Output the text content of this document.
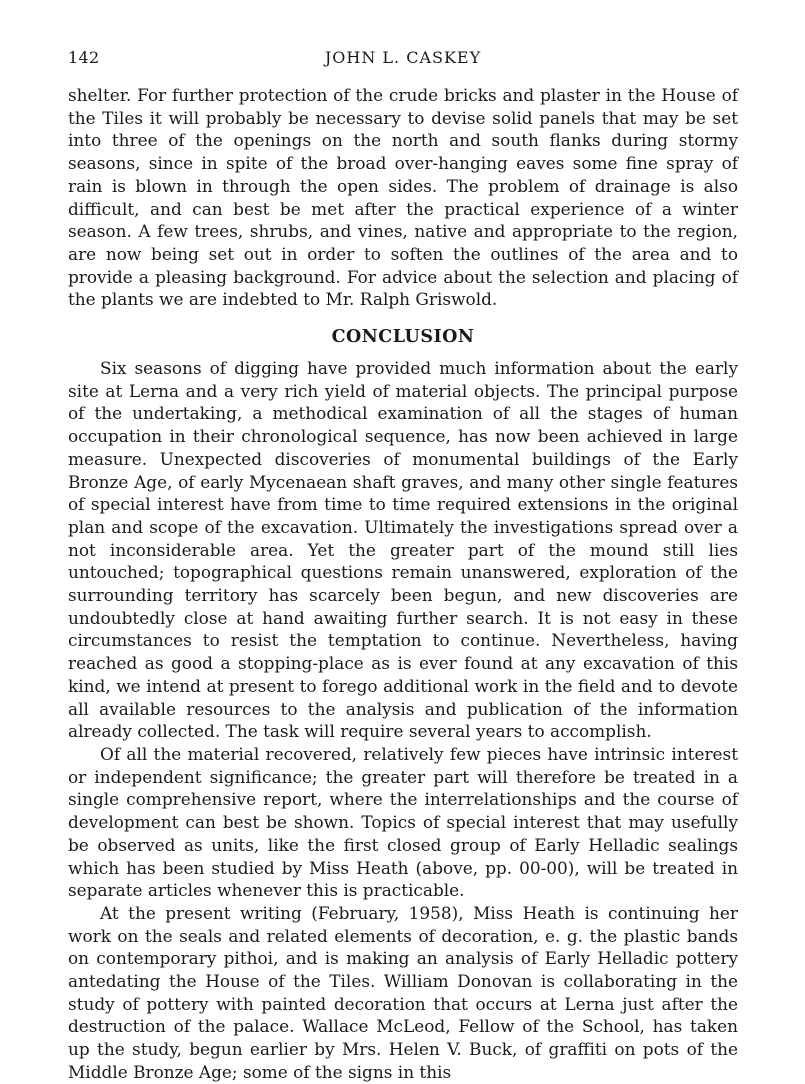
142	JOHN L. CASKEY

shelter. For further protection of the crude bricks and plaster in the House of the Tiles it will probably be necessary to devise solid panels that may be set into three of the openings on the north and south flanks during stormy seasons, since in spite of the broad over-hanging eaves some fine spray of rain is blown in through the open sides. The problem of drainage is also difficult, and can best be met after the practical experience of a winter season. A few trees, shrubs, and vines, native and appropriate to the region, are now being set out in order to soften the outlines of the area and to provide a pleasing background. For advice about the selection and placing of the plants we are indebted to Mr. Ralph Griswold.

CONCLUSION

Six seasons of digging have provided much information about the early site at Lerna and a very rich yield of material objects. The principal purpose of the undertaking, a methodical examination of all the stages of human occupation in their chronological sequence, has now been achieved in large measure. Unexpected discoveries of monumental buildings of the Early Bronze Age, of early Mycenaean shaft graves, and many other single features of special interest have from time to time required extensions in the original plan and scope of the excavation. Ultimately the investigations spread over a not inconsiderable area. Yet the greater part of the mound still lies untouched; topographical questions remain unanswered, exploration of the surrounding territory has scarcely been begun, and new discoveries are undoubtedly close at hand awaiting further search. It is not easy in these circumstances to resist the temptation to continue. Nevertheless, having reached as good a stopping-place as is ever found at any excavation of this kind, we intend at present to forego additional work in the field and to devote all available resources to the analysis and publication of the information already collected. The task will require several years to accomplish.

Of all the material recovered, relatively few pieces have intrinsic interest or independent significance; the greater part will therefore be treated in a single comprehensive report, where the interrelationships and the course of development can best be shown. Topics of special interest that may usefully be observed as units, like the first closed group of Early Helladic sealings which has been studied by Miss Heath (above, pp. 00-00), will be treated in separate articles whenever this is practicable.

At the present writing (February, 1958), Miss Heath is continuing her work on the seals and related elements of decoration, e. g. the plastic bands on contemporary pithoi, and is making an analysis of Early Helladic pottery antedating the House of the Tiles. William Donovan is collaborating in the study of pottery with painted decoration that occurs at Lerna just after the destruction of the palace. Wallace McLeod, Fellow of the School, has taken up the study, begun earlier by Mrs. Helen V. Buck, of graffiti on pots of the Middle Bronze Age; some of the signs in this
